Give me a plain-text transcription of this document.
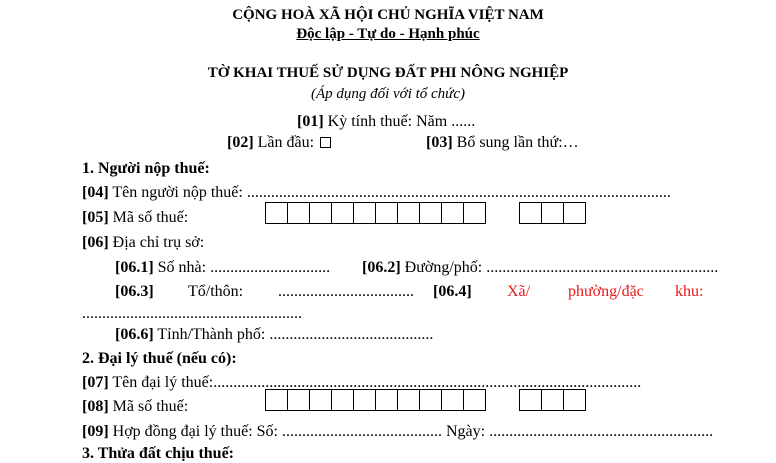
CỘNG HOÀ XÃ HỘI CHỦ NGHĨA VIỆT NAM
Độc lập - Tự do - Hạnh phúc
TỜ KHAI THUẾ SỬ DỤNG ĐẤT PHI NÔNG NGHIỆP
(Áp dụng đối với tổ chức)
[01] Kỳ tính thuế: Năm ......
[02] Lần đầu:	[03] Bổ sung lần thứ:…
1. Người nộp thuế:
[04] Tên người nộp thuế: ..........................................................................................................
[05] Mã số thuế:
[06] Địa chỉ trụ sở:
[06.1] Số nhà: .............................. [06.2] Đường/phố: ..........................................................
[06.3] Tổ/thôn: .................................. [06.4] Xã/ phường/đặc khu:
.......................................................
[06.6] Tỉnh/Thành phố: .........................................
2. Đại lý thuế (nếu có):
[07] Tên đại lý thuế:...........................................................................................................
[08] Mã số thuế:
[09] Hợp đồng đại lý thuế: Số: ........................................ Ngày: ........................................................
3. Thửa đất chịu thuế:
